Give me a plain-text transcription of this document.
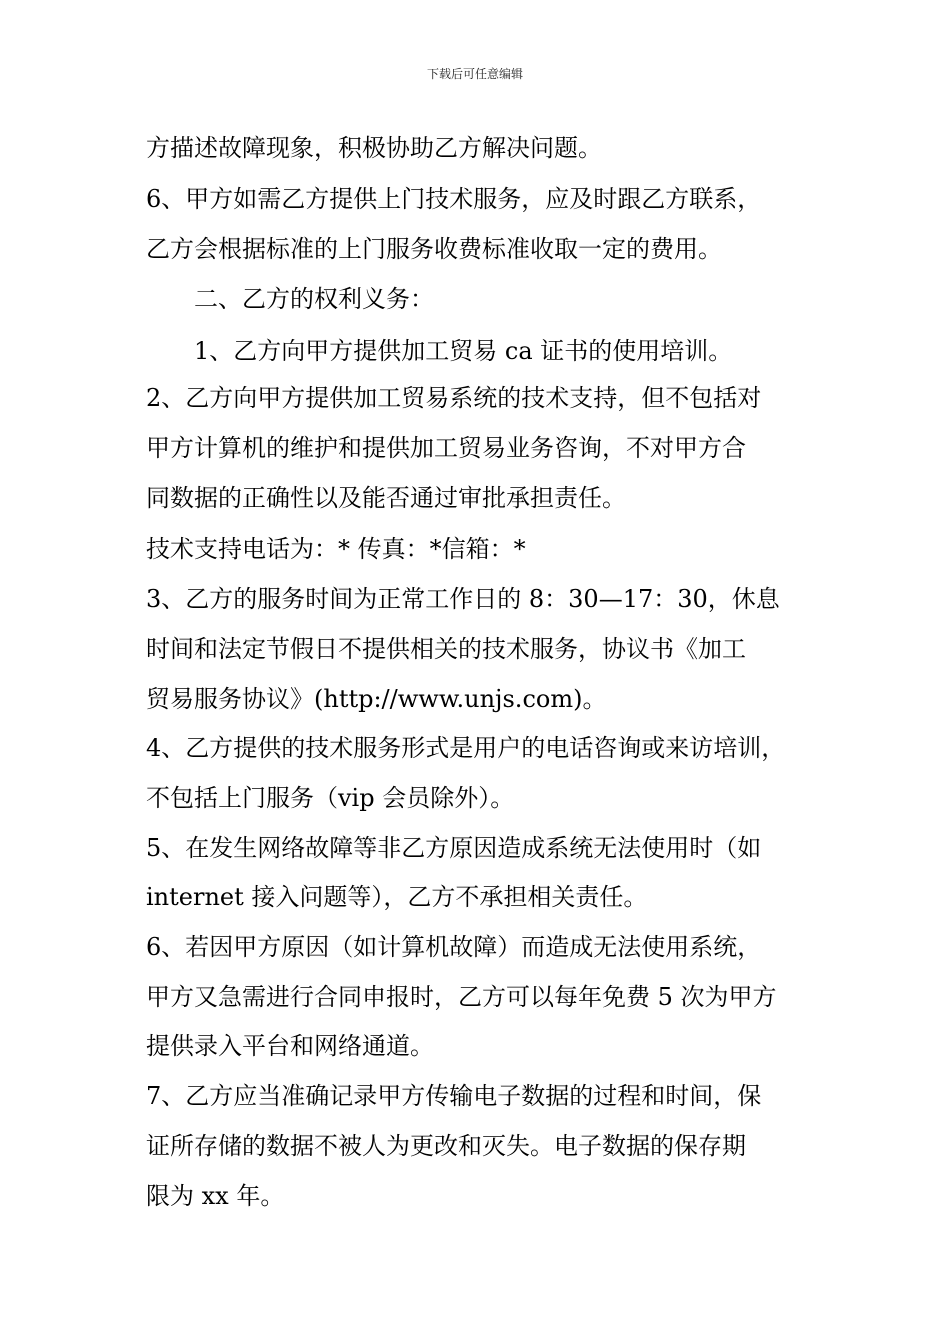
下载后可任意编辑
方描述故障现象，积极协助乙方解决问题。
6、甲方如需乙方提供上门技术服务，应及时跟乙方联系，
乙方会根据标准的上门服务收费标准收取一定的费用。
二、乙方的权利义务：
1、乙方向甲方提供加工贸易 ca 证书的使用培训。
2、乙方向甲方提供加工贸易系统的技术支持，但不包括对
甲方计算机的维护和提供加工贸易业务咨询，不对甲方合
同数据的正确性以及能否通过审批承担责任。
技术支持电话为：* 传真：*信箱：*
3、乙方的服务时间为正常工作日的 8：30—17：30，休息
时间和法定节假日不提供相关的技术服务，协议书《加工
贸易服务协议》(http://www.unjs.com)。
4、乙方提供的技术服务形式是用户的电话咨询或来访培训，
不包括上门服务（vip 会员除外）。
5、在发生网络故障等非乙方原因造成系统无法使用时（如
internet 接入问题等），乙方不承担相关责任。
6、若因甲方原因（如计算机故障）而造成无法使用系统，
甲方又急需进行合同申报时，乙方可以每年免费 5 次为甲方
提供录入平台和网络通道。
7、乙方应当准确记录甲方传输电子数据的过程和时间，保
证所存储的数据不被人为更改和灭失。电子数据的保存期
限为 xx 年。
